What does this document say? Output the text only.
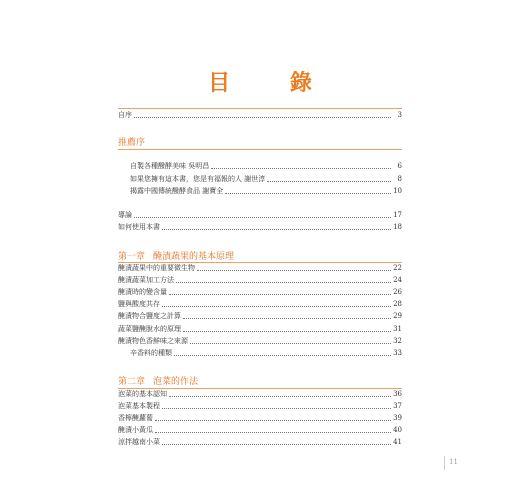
目 錄
自序	3
推薦序
自製各種醱酵美味 吳明昌	6
如果您擁有這本書，您是有福報的人 謝世淳	8
揭露中國傳統醱酵食品 謝寶全	10
導論	17
如何使用本書	18
第一章 醃漬蔬果的基本原理
醃漬蔬果中的重要微生物	22
醃漬蔬菜加工方法	24
醃漬時的變含量	26
鹽與酸度共存	28
醃漬物合鹽度之計算	29
蔬菜鹽醃脫水的原理	31
醃漬物色香鮮味之來源	32
辛香料的種類	33
第二章 泡菜的作法
泡菜的基本認知	36
泡菜基本製程	37
香檸醃蘿蔔	39
醃漬小黃瓜	40
涼拌越南小菜	41
11
